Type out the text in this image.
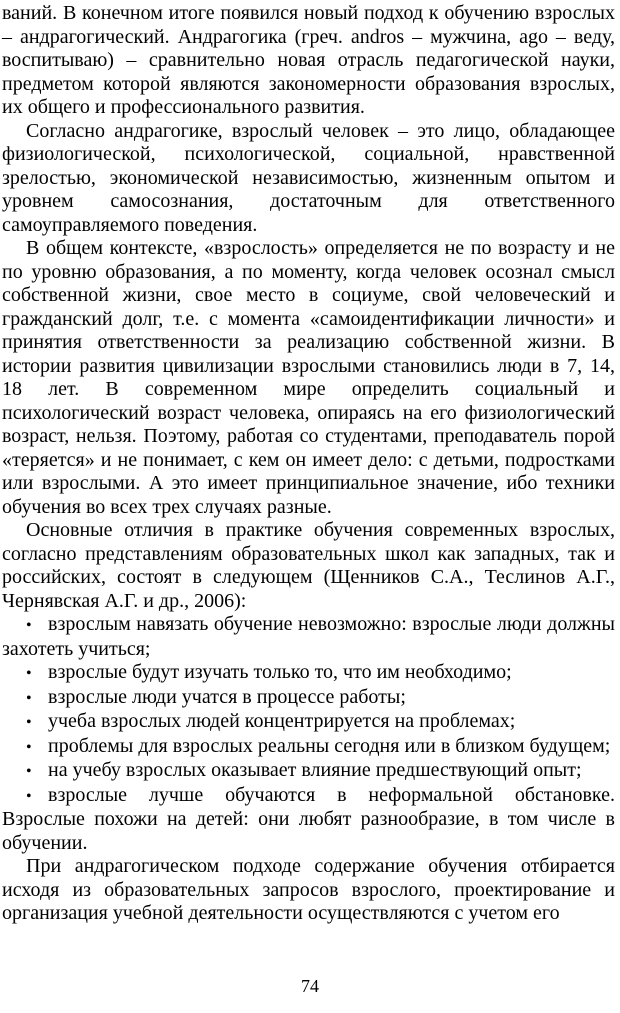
ваний. В конечном итоге появился новый подход к обучению взрослых – андрагогический. Андрагогика (греч. andros – мужчина, ago – веду, воспитываю) – сравнительно новая отрасль педагогической науки, предметом которой являются закономерности образования взрослых, их общего и профессионального развития.

Согласно андрагогике, взрослый человек – это лицо, обладающее физиологической, психологической, социальной, нравственной зрелостью, экономической независимостью, жизненным опытом и уровнем самосознания, достаточным для ответственного самоуправляемого поведения.

В общем контексте, «взрослость» определяется не по возрасту и не по уровню образования, а по моменту, когда человек осознал смысл собственной жизни, свое место в социуме, свой человеческий и гражданский долг, т.е. с момента «самоидентификации личности» и принятия ответственности за реализацию собственной жизни. В истории развития цивилизации взрослыми становились люди в 7, 14, 18 лет. В современном мире определить социальный и психологический возраст человека, опираясь на его физиологический возраст, нельзя. Поэтому, работая со студентами, преподаватель порой «теряется» и не понимает, с кем он имеет дело: с детьми, подростками или взрослыми. А это имеет принципиальное значение, ибо техники обучения во всех трех случаях разные.

Основные отличия в практике обучения современных взрослых, согласно представлениям образовательных школ как западных, так и российских, состоят в следующем (Щенников С.А., Теслинов А.Г., Чернявская А.Г. и др., 2006):

• взрослым навязать обучение невозможно: взрослые люди должны захотеть учиться;

• взрослые будут изучать только то, что им необходимо;

• взрослые люди учатся в процессе работы;

• учеба взрослых людей концентрируется на проблемах;

• проблемы для взрослых реальны сегодня или в близком будущем;

• на учебу взрослых оказывает влияние предшествующий опыт;

• взрослые лучше обучаются в неформальной обстановке. Взрослые похожи на детей: они любят разнообразие, в том числе в обучении.

При андрагогическом подходе содержание обучения отбирается исходя из образовательных запросов взрослого, проектирование и организация учебной деятельности осуществляются с учетом его

74
